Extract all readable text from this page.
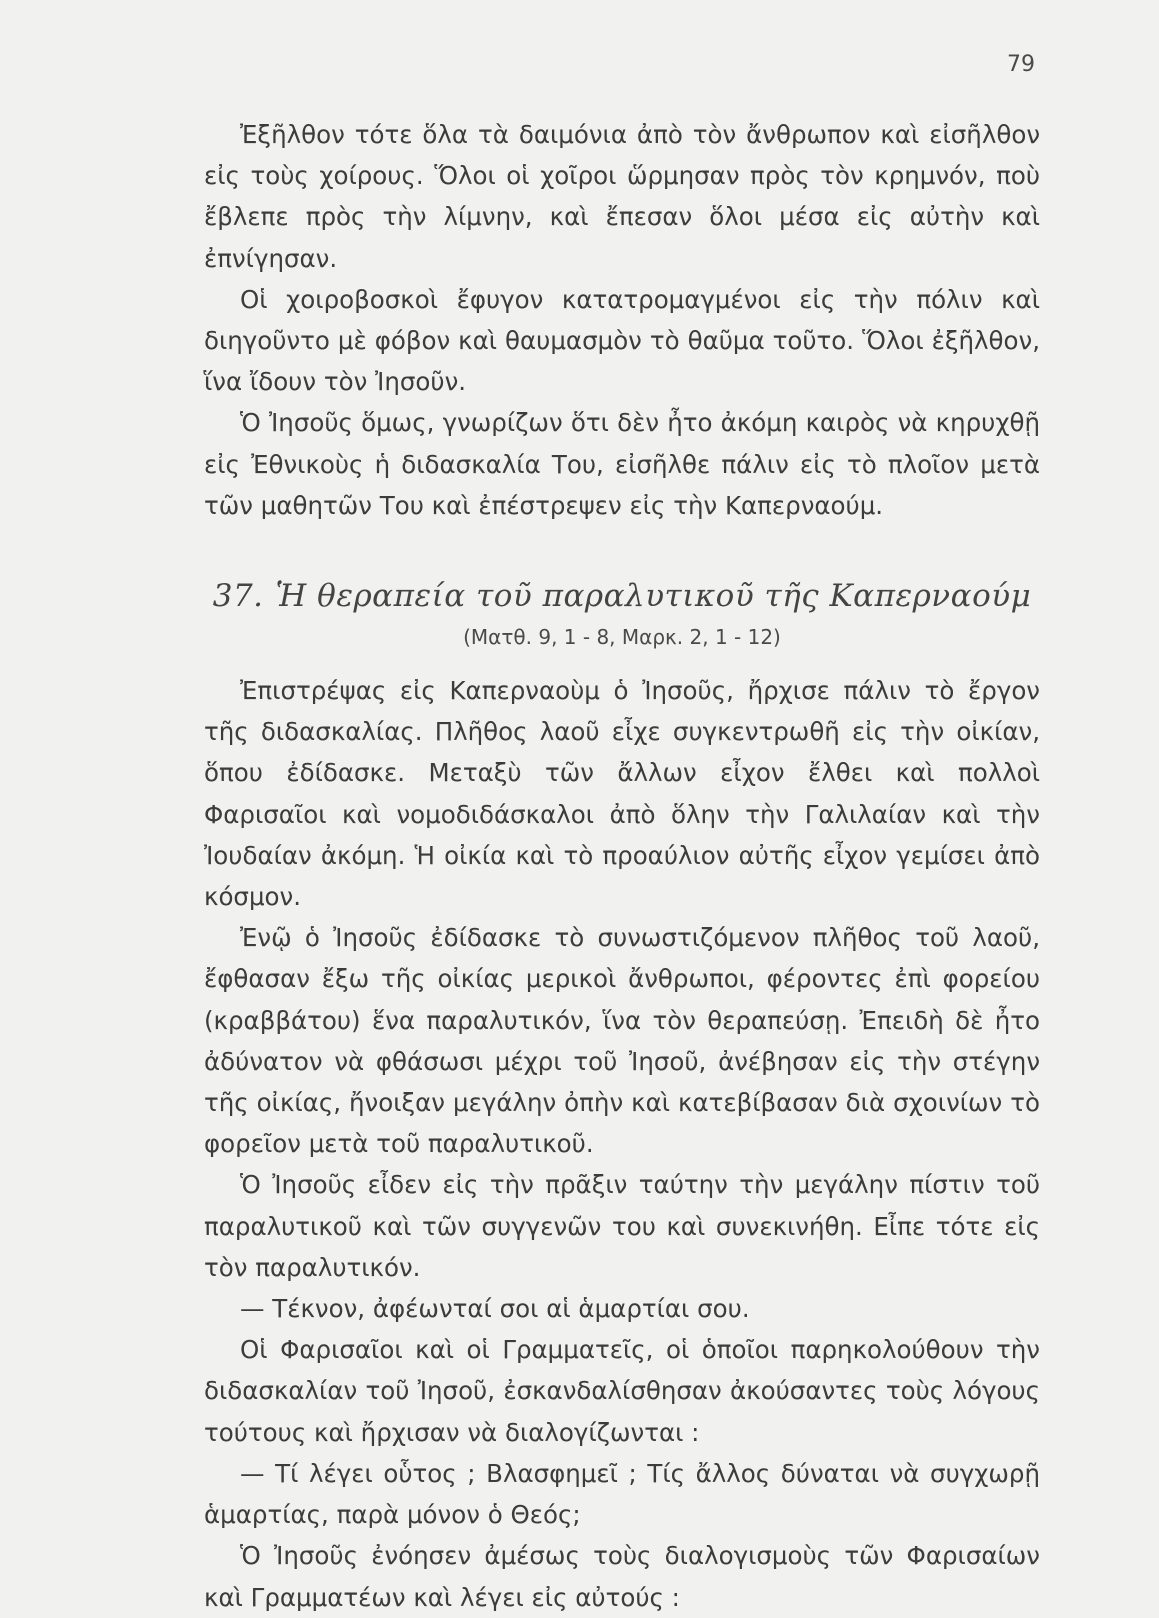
79

Ἐξῆλθον τότε ὅλα τὰ δαιμόνια ἀπὸ τὸν ἄνθρωπον καὶ εἰσῆλθον εἰς τοὺς χοίρους. Ὅλοι οἱ χοῖροι ὥρμησαν πρὸς τὸν κρημνόν, ποὺ ἔβλεπε πρὸς τὴν λίμνην, καὶ ἔπεσαν ὅλοι μέσα εἰς αὐτὴν καὶ ἐπνίγησαν.

Οἱ χοιροβοσκοὶ ἔφυγον κατατρομαγμένοι εἰς τὴν πόλιν καὶ διηγοῦντο μὲ φόβον καὶ θαυμασμὸν τὸ θαῦμα τοῦτο. Ὅλοι ἐξῆλθον, ἵνα ἴδουν τὸν Ἰησοῦν.

Ὁ Ἰησοῦς ὅμως, γνωρίζων ὅτι δὲν ἦτο ἀκόμη καιρὸς νὰ κηρυχθῇ εἰς Ἐθνικοὺς ἡ διδασκαλία Του, εἰσῆλθε πάλιν εἰς τὸ πλοῖον μετὰ τῶν μαθητῶν Του καὶ ἐπέστρεψεν εἰς τὴν Καπερναούμ.

37. Ἡ θεραπεία τοῦ παραλυτικοῦ τῆς Καπερναούμ
(Ματθ. 9, 1 - 8, Μαρκ. 2, 1 - 12)

Ἐπιστρέψας εἰς Καπερναοὺμ ὁ Ἰησοῦς, ἤρχισε πάλιν τὸ ἔργον τῆς διδασκαλίας. Πλῆθος λαοῦ εἶχε συγκεντρωθῆ εἰς τὴν οἰκίαν, ὅπου ἐδίδασκε. Μεταξὺ τῶν ἄλλων εἶχον ἔλθει καὶ πολλοὶ Φαρισαῖοι καὶ νομοδιδάσκαλοι ἀπὸ ὅλην τὴν Γαλιλαίαν καὶ τὴν Ἰουδαίαν ἀκόμη. Ἡ οἰκία καὶ τὸ προαύλιον αὐτῆς εἶχον γεμίσει ἀπὸ κόσμον.

Ἐνῷ ὁ Ἰησοῦς ἐδίδασκε τὸ συνωστιζόμενον πλῆθος τοῦ λαοῦ, ἔφθασαν ἔξω τῆς οἰκίας μερικοὶ ἄνθρωποι, φέροντες ἐπὶ φορείου (κραββάτου) ἕνα παραλυτικόν, ἵνα τὸν θεραπεύσῃ. Ἐπειδὴ δὲ ἦτο ἀδύνατον νὰ φθάσωσι μέχρι τοῦ Ἰησοῦ, ἀνέβησαν εἰς τὴν στέγην τῆς οἰκίας, ἤνοιξαν μεγάλην ὀπὴν καὶ κατεβίβασαν διὰ σχοινίων τὸ φορεῖον μετὰ τοῦ παραλυτικοῦ.

Ὁ Ἰησοῦς εἶδεν εἰς τὴν πρᾶξιν ταύτην τὴν μεγάλην πίστιν τοῦ παραλυτικοῦ καὶ τῶν συγγενῶν του καὶ συνεκινήθη. Εἶπε τότε εἰς τὸν παραλυτικόν.

— Τέκνον, ἀφέωνταί σοι αἱ ἁμαρτίαι σου.

Οἱ Φαρισαῖοι καὶ οἱ Γραμματεῖς, οἱ ὁποῖοι παρηκολούθουν τὴν διδασκαλίαν τοῦ Ἰησοῦ, ἐσκανδαλίσθησαν ἀκούσαντες τοὺς λόγους τούτους καὶ ἤρχισαν νὰ διαλογίζωνται :

— Τί λέγει οὗτος ; Βλασφημεῖ ; Τίς ἄλλος δύναται νὰ συγχωρῇ ἁμαρτίας, παρὰ μόνον ὁ Θεός;

Ὁ Ἰησοῦς ἐνόησεν ἀμέσως τοὺς διαλογισμοὺς τῶν Φαρισαίων καὶ Γραμματέων καὶ λέγει εἰς αὐτούς :
